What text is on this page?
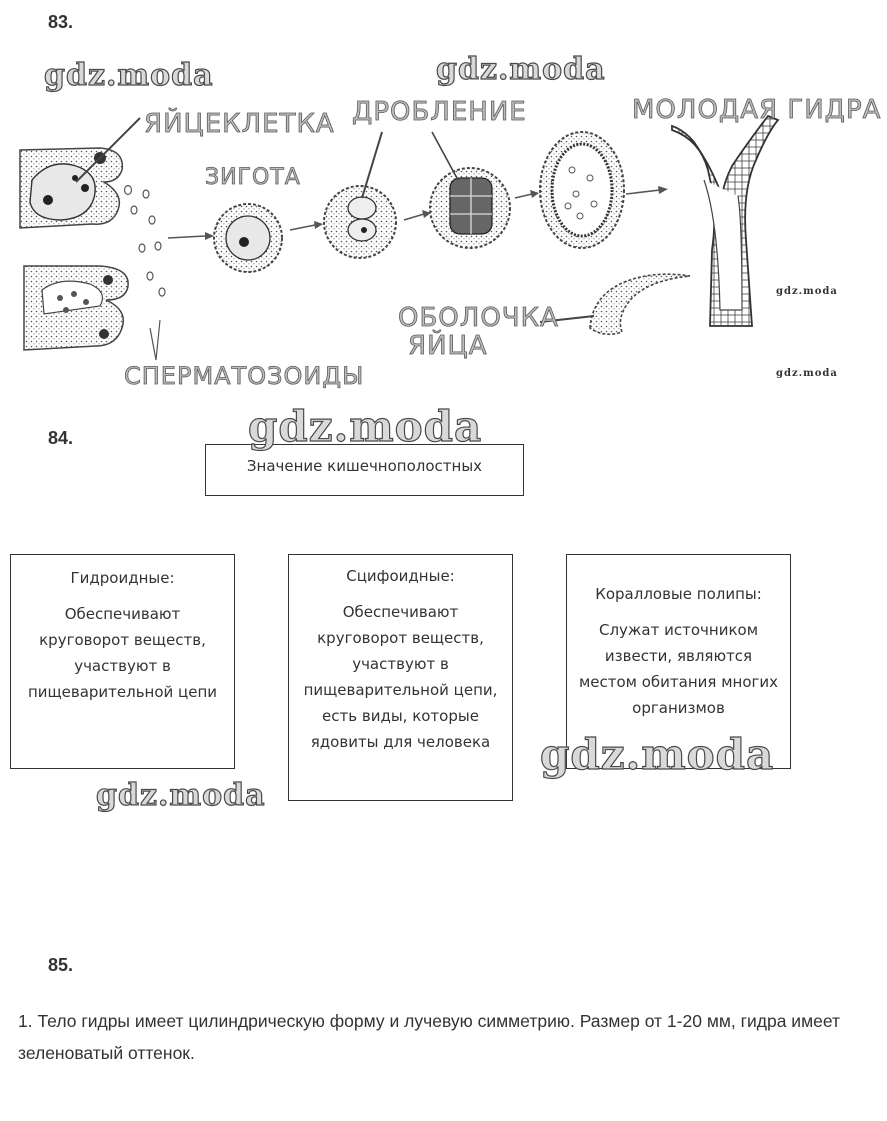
83.
gdz.moda	gdz.moda
gdz.moda
gdz.moda
ЯЙЦЕКЛЕТКА
ЗИГОТА
ДРОБЛЕНИЕ	МОЛОДАЯ ГИДРА
ОБОЛОЧКА
ЯЙЦА
СПЕРМАТОЗОИДЫ
84.
Значение кишечнополостных
gdz.moda
Гидроидные:
Обеспечивают круговорот веществ, участвуют в пищеварительной цепи
Сцифоидные:
Обеспечивают круговорот веществ, участвуют в пищеварительной цепи, есть виды, которые ядовиты для человека
Коралловые полипы:
Служат источником извести, являются местом обитания многих организмов
gdz.moda
gdz.moda
85.
1. Тело гидры имеет цилиндрическую форму и лучевую симметрию. Размер от 1-20 мм, гидра имеет зеленоватый оттенок.
